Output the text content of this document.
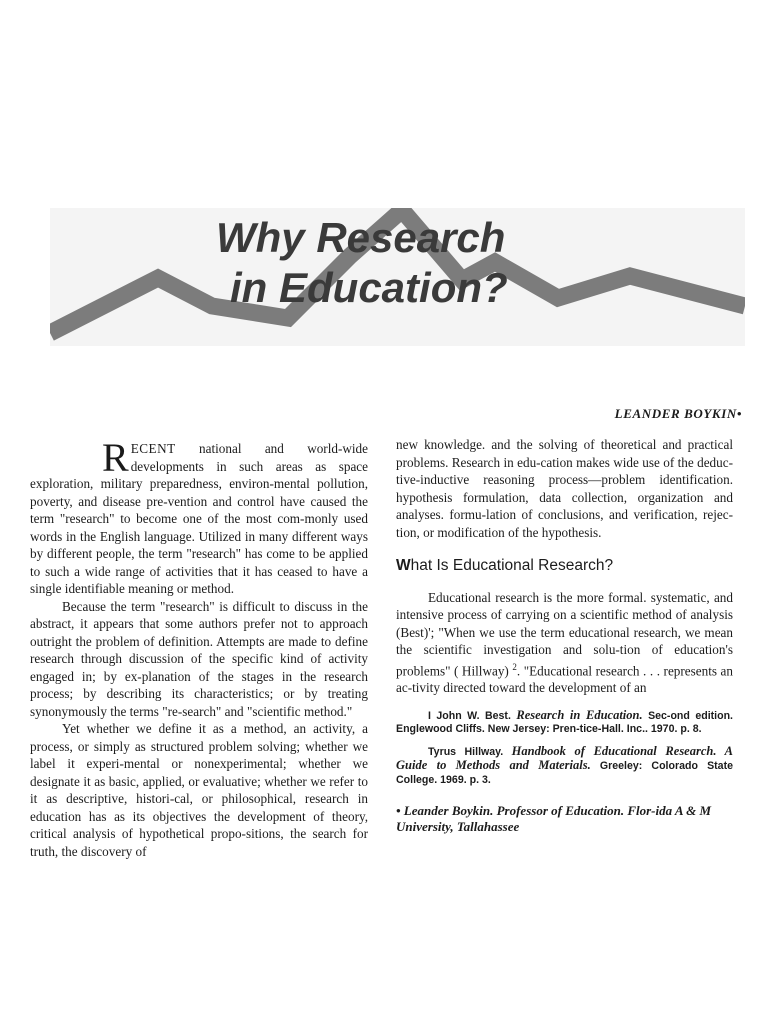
Why Research
in Education?
LEANDER BOYKIN•

RECENT national and world-wide developments in such areas as space exploration, military preparedness, environ-mental pollution, poverty, and disease pre-vention and control have caused the term "research" to become one of the most com-monly used words in the English language. Utilized in many different ways by different people, the term "research" has come to be applied to such a wide range of activities that it has ceased to have a single identifiable meaning or method.

Because the term "research" is difficult to discuss in the abstract, it appears that some authors prefer not to approach outright the problem of definition. Attempts are made to define research through discussion of the specific kind of activity engaged in; by ex-planation of the stages in the research process; by describing its characteristics; or by treating synonymously the terms "re-search" and "scientific method."

Yet whether we define it as a method, an activity, a process, or simply as structured problem solving; whether we label it experi-mental or nonexperimental; whether we designate it as basic, applied, or evaluative; whether we refer to it as descriptive, histori-cal, or philosophical, research in education has as its objectives the development of theory, critical analysis of hypothetical propo-sitions, the search for truth, the discovery of

new knowledge. and the solving of theoretical and practical problems. Research in edu-cation makes wide use of the deduc-tive-inductive reasoning process—problem identification. hypothesis formulation, data collection, organization and analyses. formu-lation of conclusions, and verification, rejec-tion, or modification of the hypothesis.

What Is Educational Research?

Educational research is the more formal. systematic, and intensive process of carrying on a scientific method of analysis (Best)'; "When we use the term educational research, we mean the scientific investigation and solu-tion of education's problems" ( Hillway) $^2$. "Educational research . . . represents an ac-tivity directed toward the development of an

I John W. Best. Research in Education. Sec-ond edition. Englewood Cliffs. New Jersey: Pren-tice-Hall. Inc.. 1970. p. 8.
Tyrus Hillway. Handbook of Educational Research. A Guide to Methods and Materials. Greeley: Colorado State College. 1969. p. 3.
• Leander Boykin. Professor of Education. Flor-ida A & M University, Tallahassee
